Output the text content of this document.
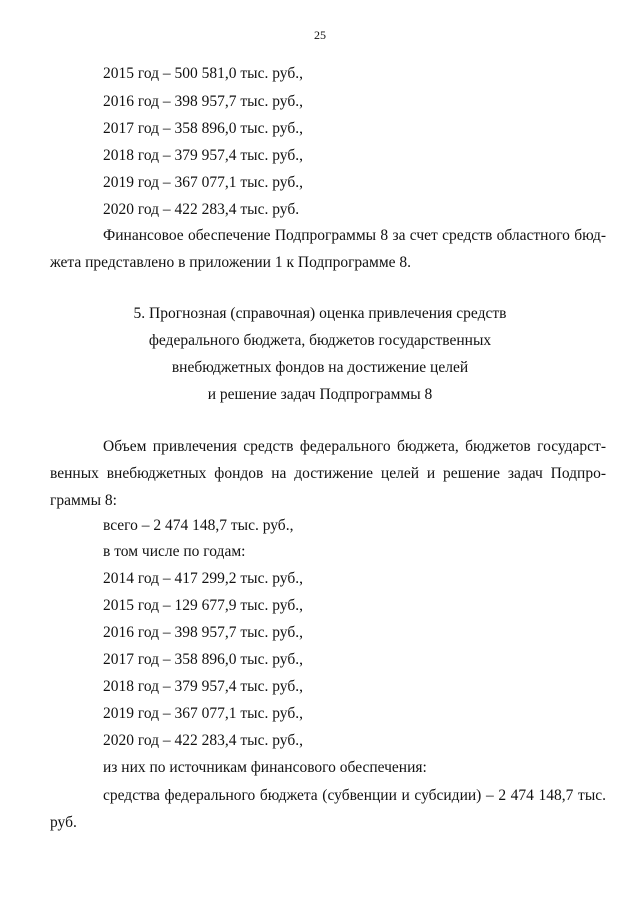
25
2015 год – 500 581,0 тыс. руб.,
2016 год – 398 957,7 тыс. руб.,
2017 год – 358 896,0 тыс. руб.,
2018 год – 379 957,4 тыс. руб.,
2019 год – 367 077,1 тыс. руб.,
2020 год – 422 283,4 тыс. руб.
Финансовое обеспечение Подпрограммы 8 за счет средств областного бюд-
жета представлено в приложении 1 к Подпрограмме 8.
5. Прогнозная (справочная) оценка привлечения средств
федерального бюджета, бюджетов государственных
внебюджетных фондов на достижение целей
и решение задач Подпрограммы 8
Объем привлечения средств федерального бюджета, бюджетов государст-
венных внебюджетных фондов на достижение целей и решение задач Подпро-
граммы 8:
всего – 2 474 148,7 тыс. руб.,
в том числе по годам:
2014 год – 417 299,2 тыс. руб.,
2015 год – 129 677,9 тыс. руб.,
2016 год – 398 957,7 тыс. руб.,
2017 год – 358 896,0 тыс. руб.,
2018 год – 379 957,4 тыс. руб.,
2019 год – 367 077,1 тыс. руб.,
2020 год – 422 283,4 тыс. руб.,
из них по источникам финансового обеспечения:
средства федерального бюджета (субвенции и субсидии) – 2 474 148,7 тыс.
руб.
